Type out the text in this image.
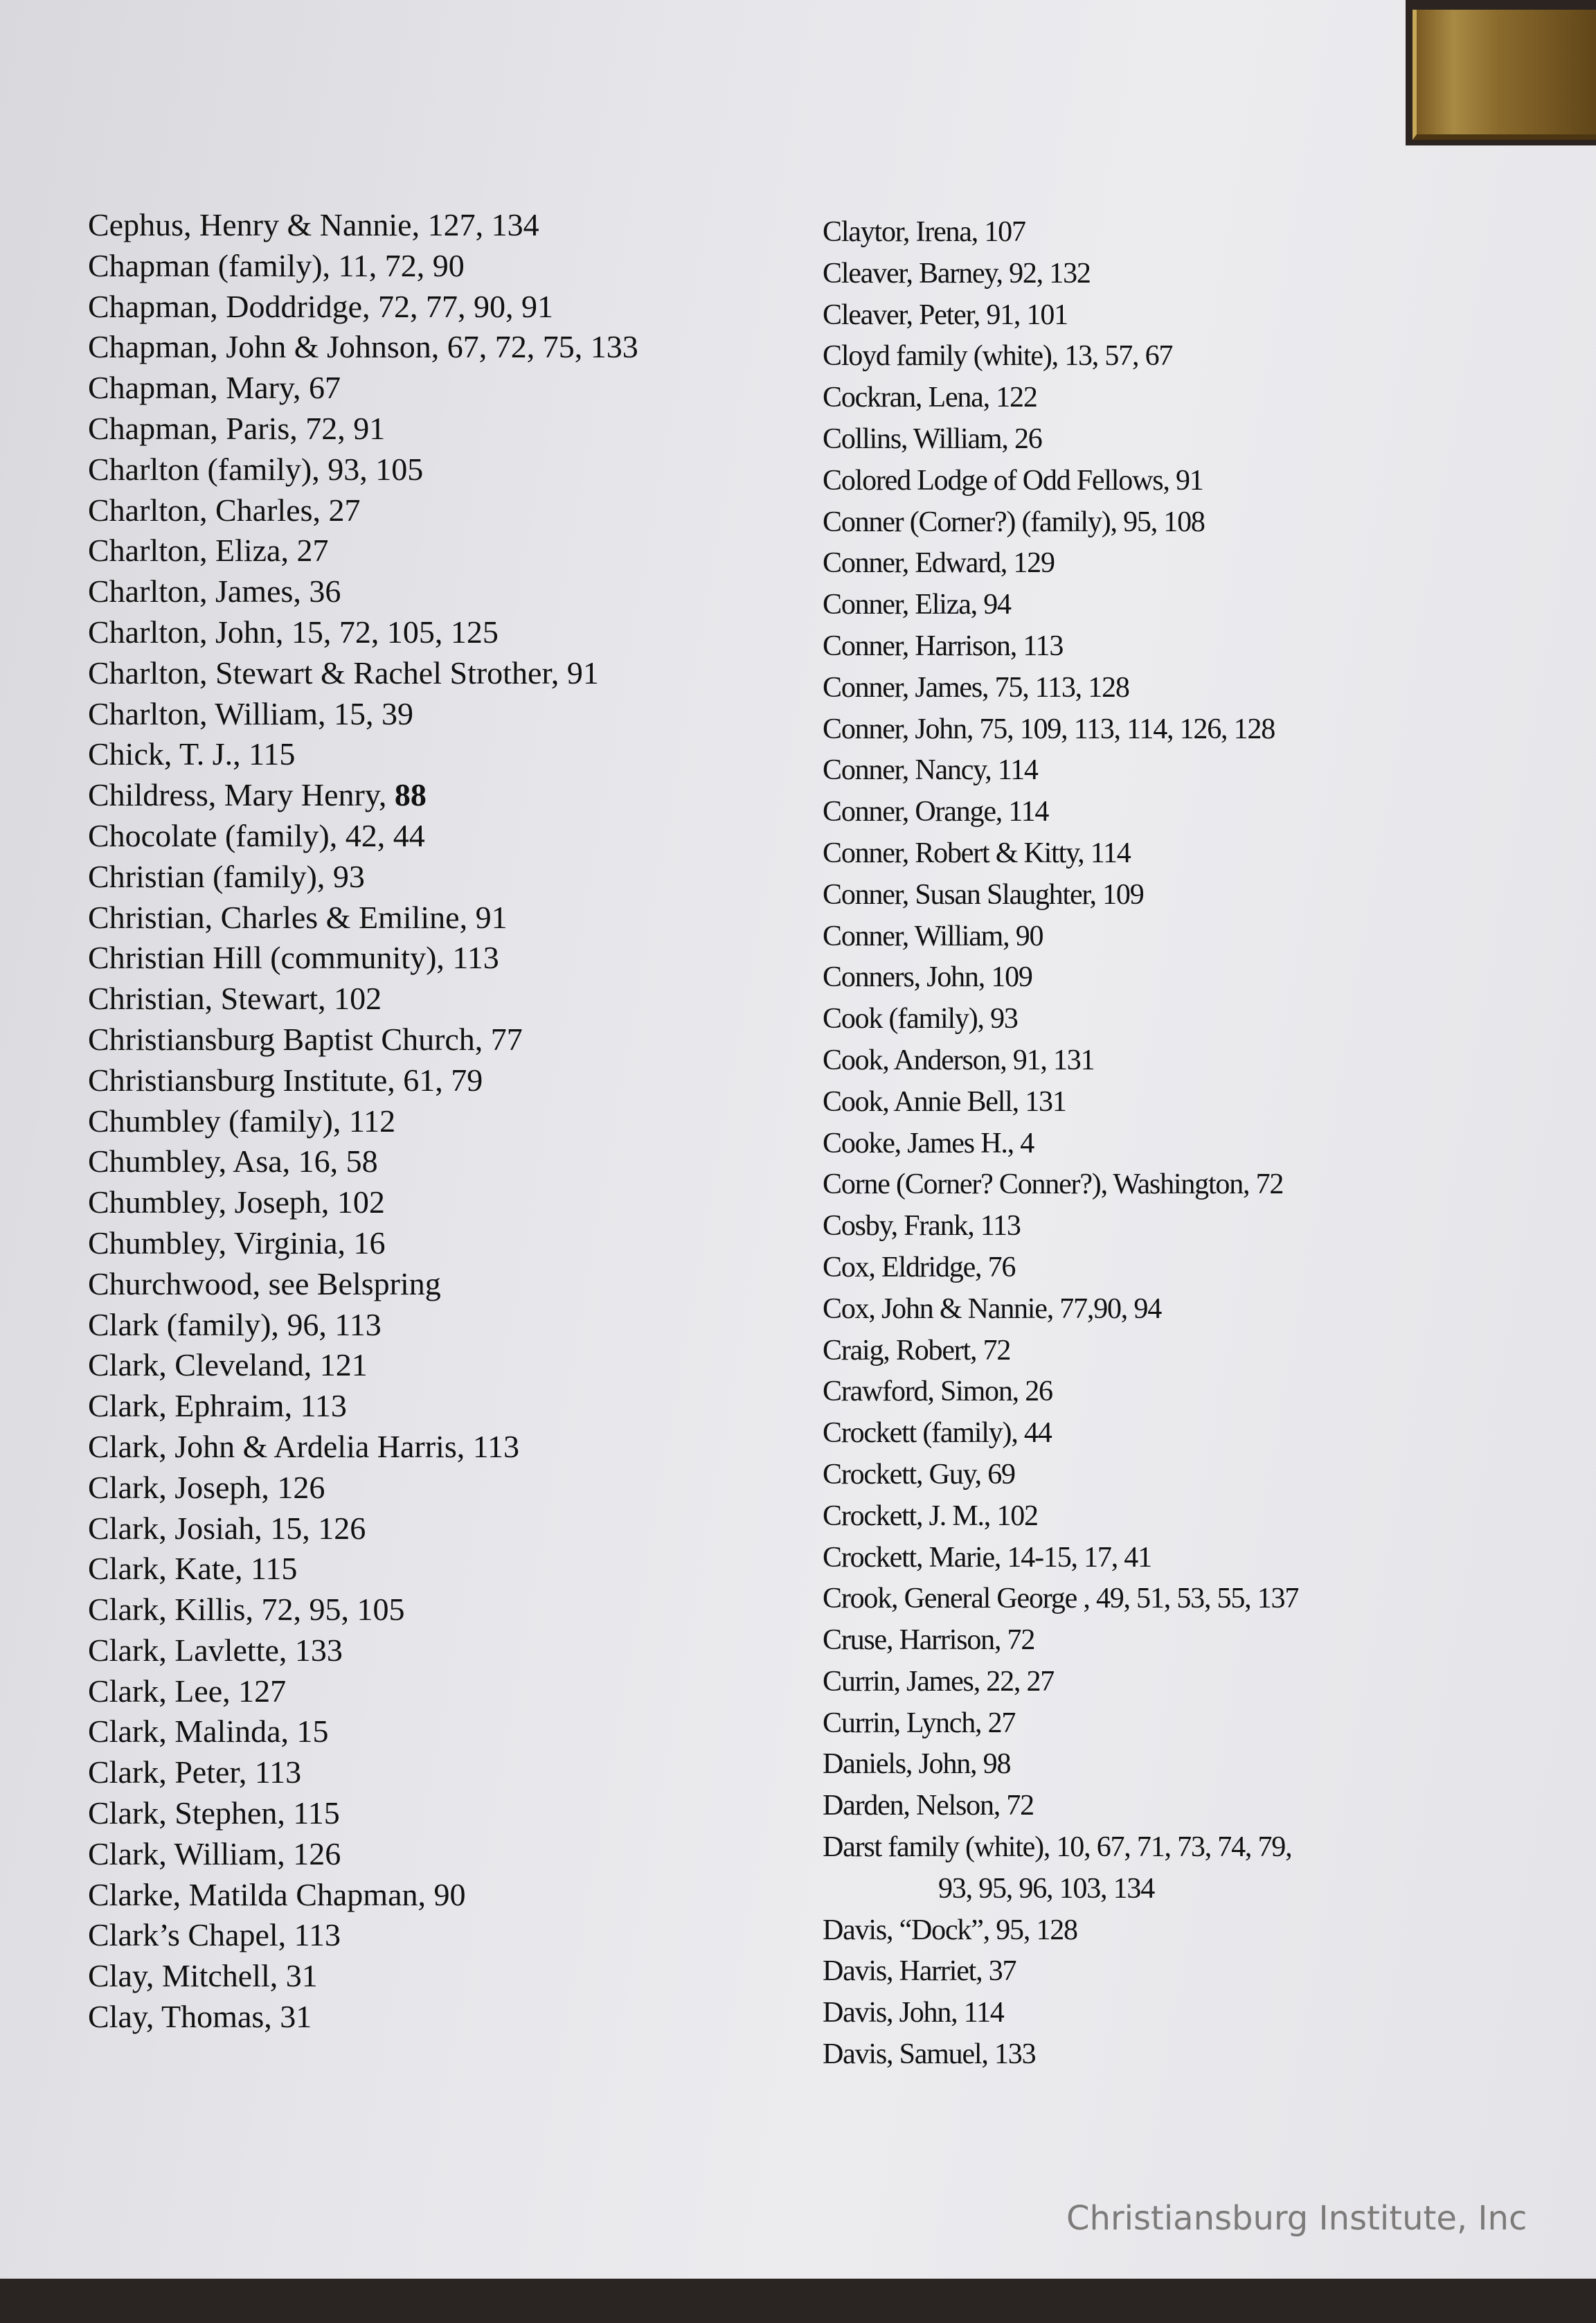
Cephus, Henry & Nannie, 127, 134
Chapman (family), 11, 72, 90
Chapman, Doddridge, 72, 77, 90, 91
Chapman, John & Johnson, 67, 72, 75, 133
Chapman, Mary, 67
Chapman, Paris, 72, 91
Charlton (family), 93, 105
Charlton, Charles, 27
Charlton, Eliza, 27
Charlton, James, 36
Charlton, John, 15, 72, 105, 125
Charlton, Stewart & Rachel Strother, 91
Charlton, William, 15, 39
Chick, T. J., 115
Childress, Mary Henry, 88
Chocolate (family), 42, 44
Christian (family), 93
Christian, Charles & Emiline, 91
Christian Hill (community), 113
Christian, Stewart, 102
Christiansburg Baptist Church, 77
Christiansburg Institute, 61, 79
Chumbley (family), 112
Chumbley, Asa, 16, 58
Chumbley, Joseph, 102
Chumbley, Virginia, 16
Churchwood, see Belspring
Clark (family), 96, 113
Clark, Cleveland, 121
Clark, Ephraim, 113
Clark, John & Ardelia Harris, 113
Clark, Joseph, 126
Clark, Josiah, 15, 126
Clark, Kate, 115
Clark, Killis, 72, 95, 105
Clark, Lavlette, 133
Clark, Lee, 127
Clark, Malinda, 15
Clark, Peter, 113
Clark, Stephen, 115
Clark, William, 126
Clarke, Matilda Chapman, 90
Clark’s Chapel, 113
Clay, Mitchell, 31
Clay, Thomas, 31
Claytor, Irena, 107
Cleaver, Barney, 92, 132
Cleaver, Peter, 91, 101
Cloyd family (white), 13, 57, 67
Cockran, Lena, 122
Collins, William, 26
Colored Lodge of Odd Fellows, 91
Conner (Corner?) (family), 95, 108
Conner, Edward, 129
Conner, Eliza, 94
Conner, Harrison, 113
Conner, James, 75, 113, 128
Conner, John, 75, 109, 113, 114, 126, 128
Conner, Nancy, 114
Conner, Orange, 114
Conner, Robert & Kitty, 114
Conner, Susan Slaughter, 109
Conner, William, 90
Conners, John, 109
Cook (family), 93
Cook, Anderson, 91, 131
Cook, Annie Bell, 131
Cooke, James H., 4
Corne (Corner? Conner?), Washington, 72
Cosby, Frank, 113
Cox, Eldridge, 76
Cox, John & Nannie, 77,90, 94
Craig, Robert, 72
Crawford, Simon, 26
Crockett (family), 44
Crockett, Guy, 69
Crockett, J. M., 102
Crockett, Marie, 14-15, 17, 41
Crook, General George , 49, 51, 53, 55, 137
Cruse, Harrison, 72
Currin, James, 22, 27
Currin, Lynch, 27
Daniels, John, 98
Darden, Nelson, 72
Darst family (white), 10, 67, 71, 73, 74, 79,
93, 95, 96, 103, 134
Davis, “Dock”, 95, 128
Davis, Harriet, 37
Davis, John, 114
Davis, Samuel, 133
Christiansburg Institute, Inc
